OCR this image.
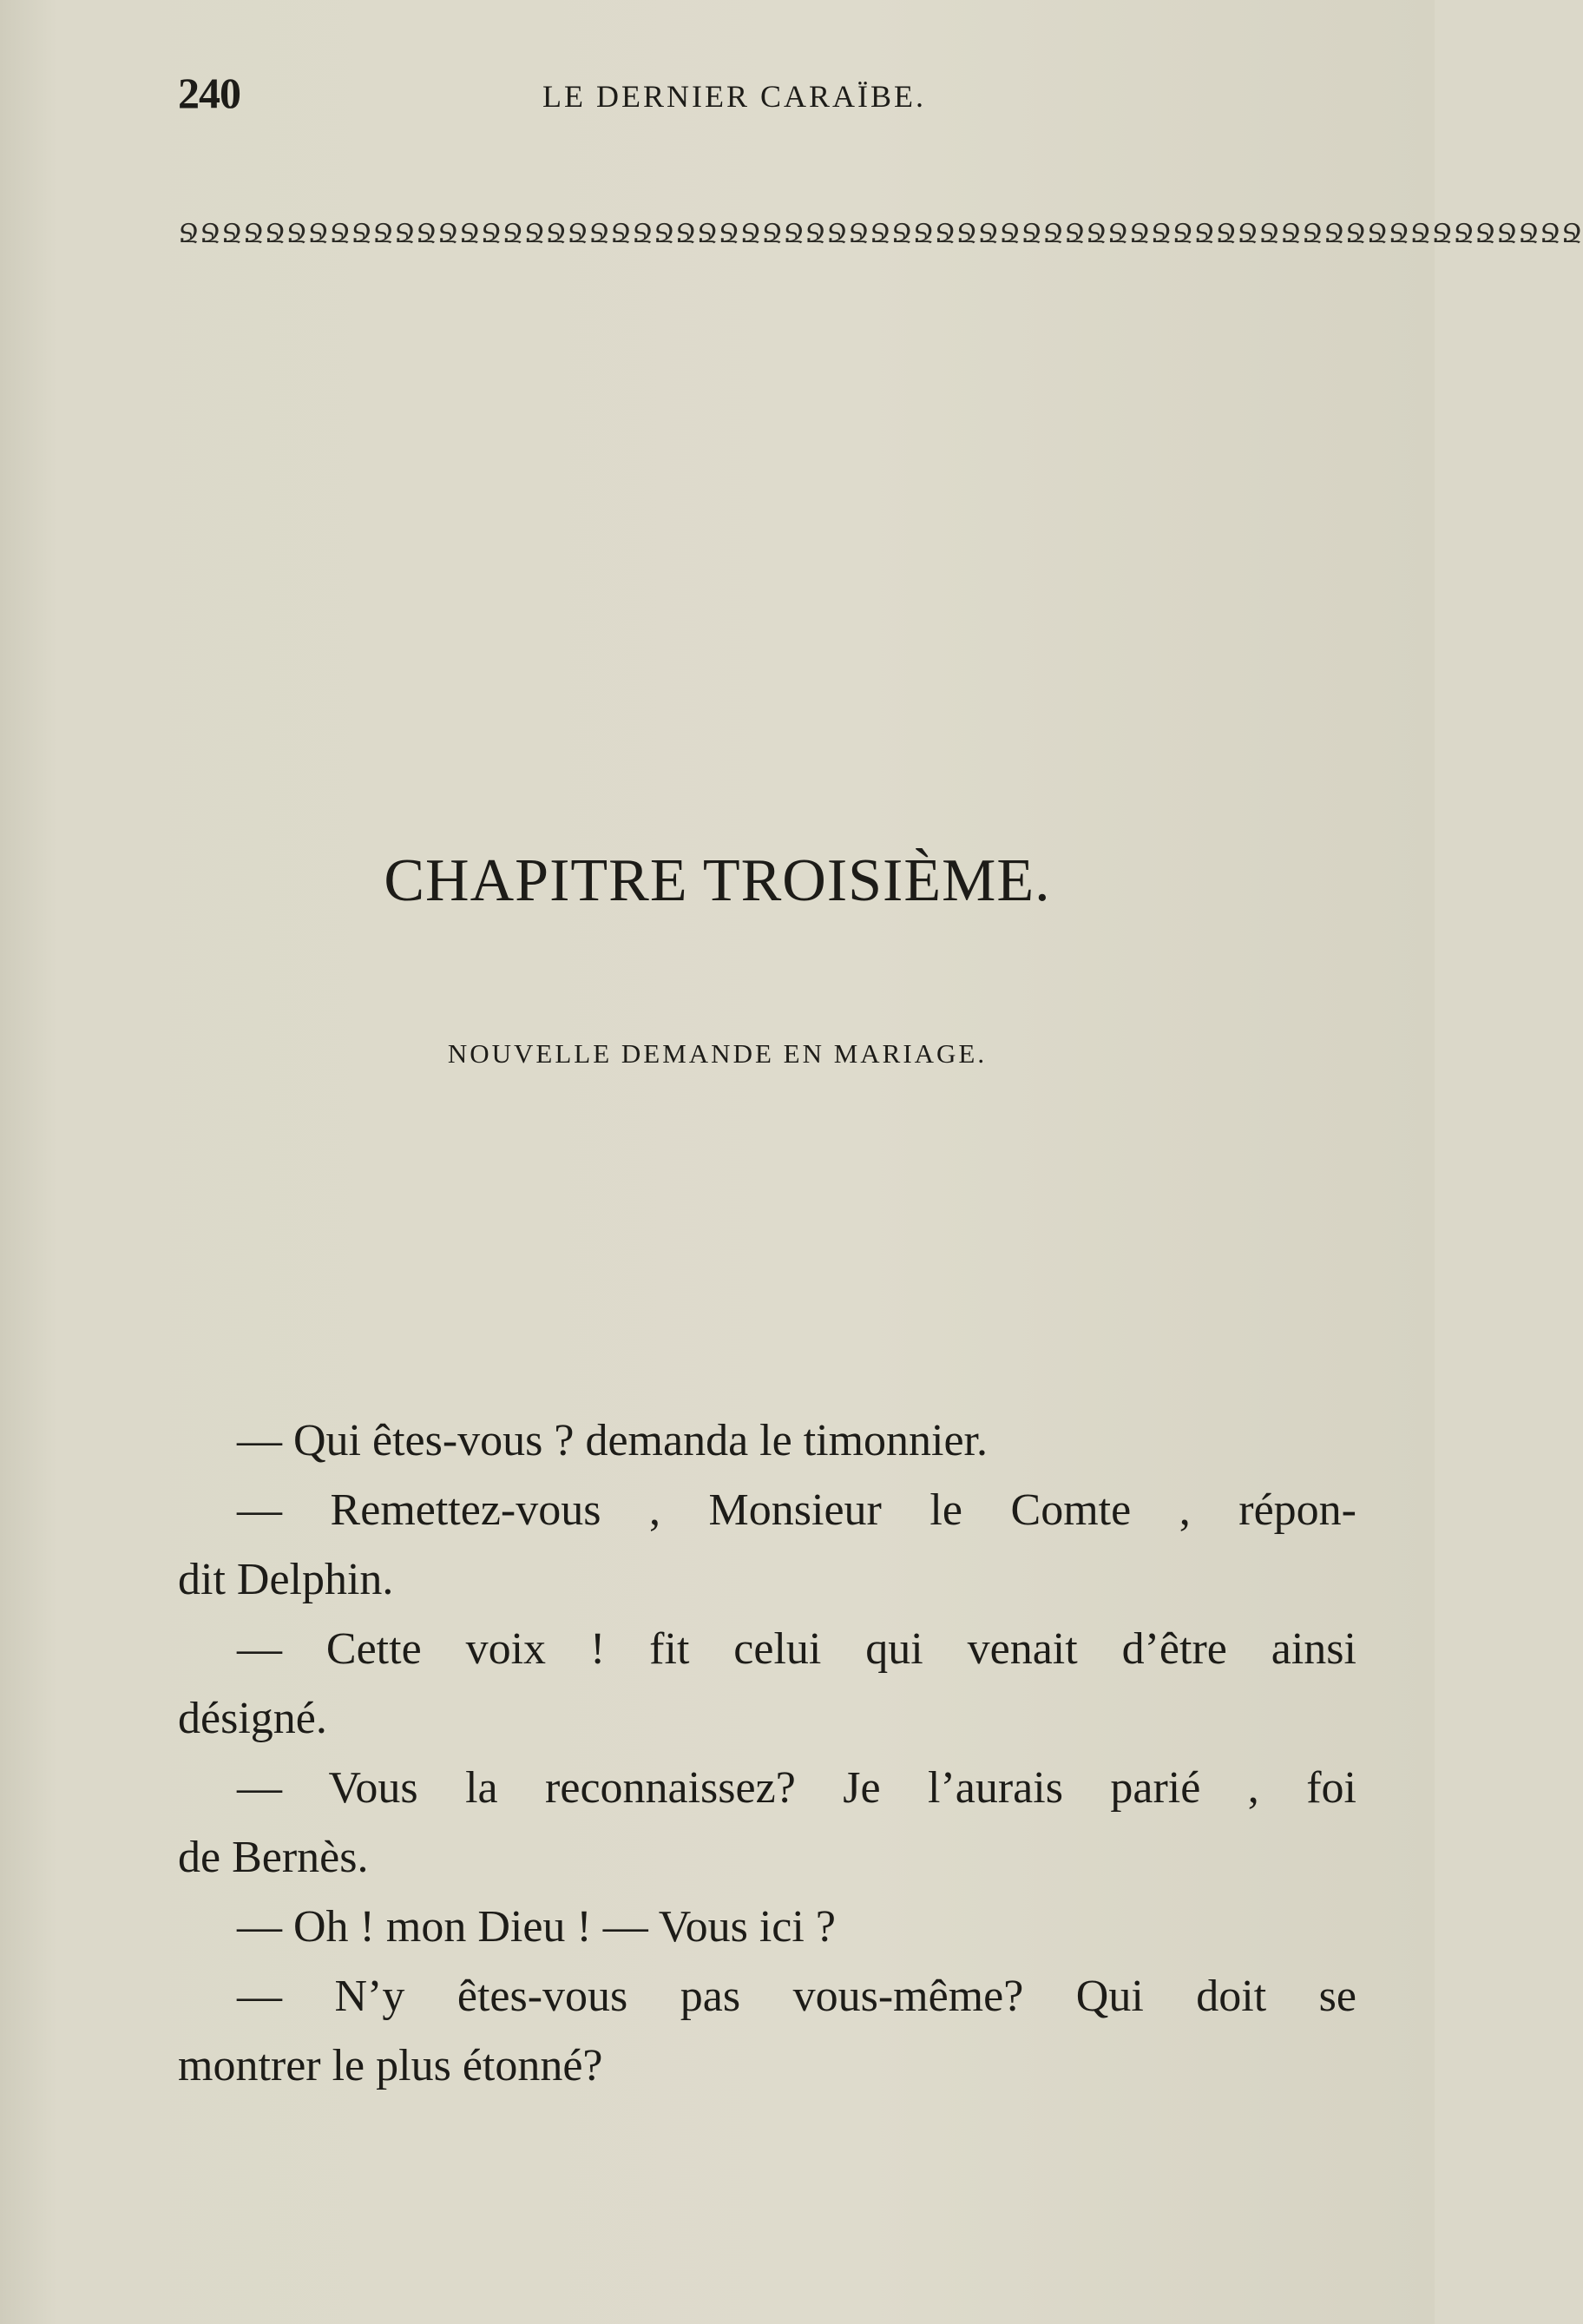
240	LE DERNIER CARAÏBE.
ՋՋՋՋՋՋՋՋՋՋՋՋՋՋՋՋՋՋՋՋՋՋՋՋՋՋՋՋՋՋՋՋՋՋՋՋՋՋՋՋՋՋՋՋՋՋՋՋՋՋՋՋՋՋՋՋՋՋՋՋՋՋՋՋՋ
CHAPITRE TROISIÈME.
NOUVELLE DEMANDE EN MARIAGE.
— Qui êtes-vous ? demanda le timonnier.
— Remettez-vous , Monsieur le Comte , répon-
dit Delphin.
— Cette voix ! fit celui qui venait d’être ainsi
désigné.
— Vous la reconnaissez? Je l’aurais parié , foi
de Bernès.
— Oh ! mon Dieu ! — Vous ici ?
— N’y êtes-vous pas vous-même? Qui doit se
montrer le plus étonné?
